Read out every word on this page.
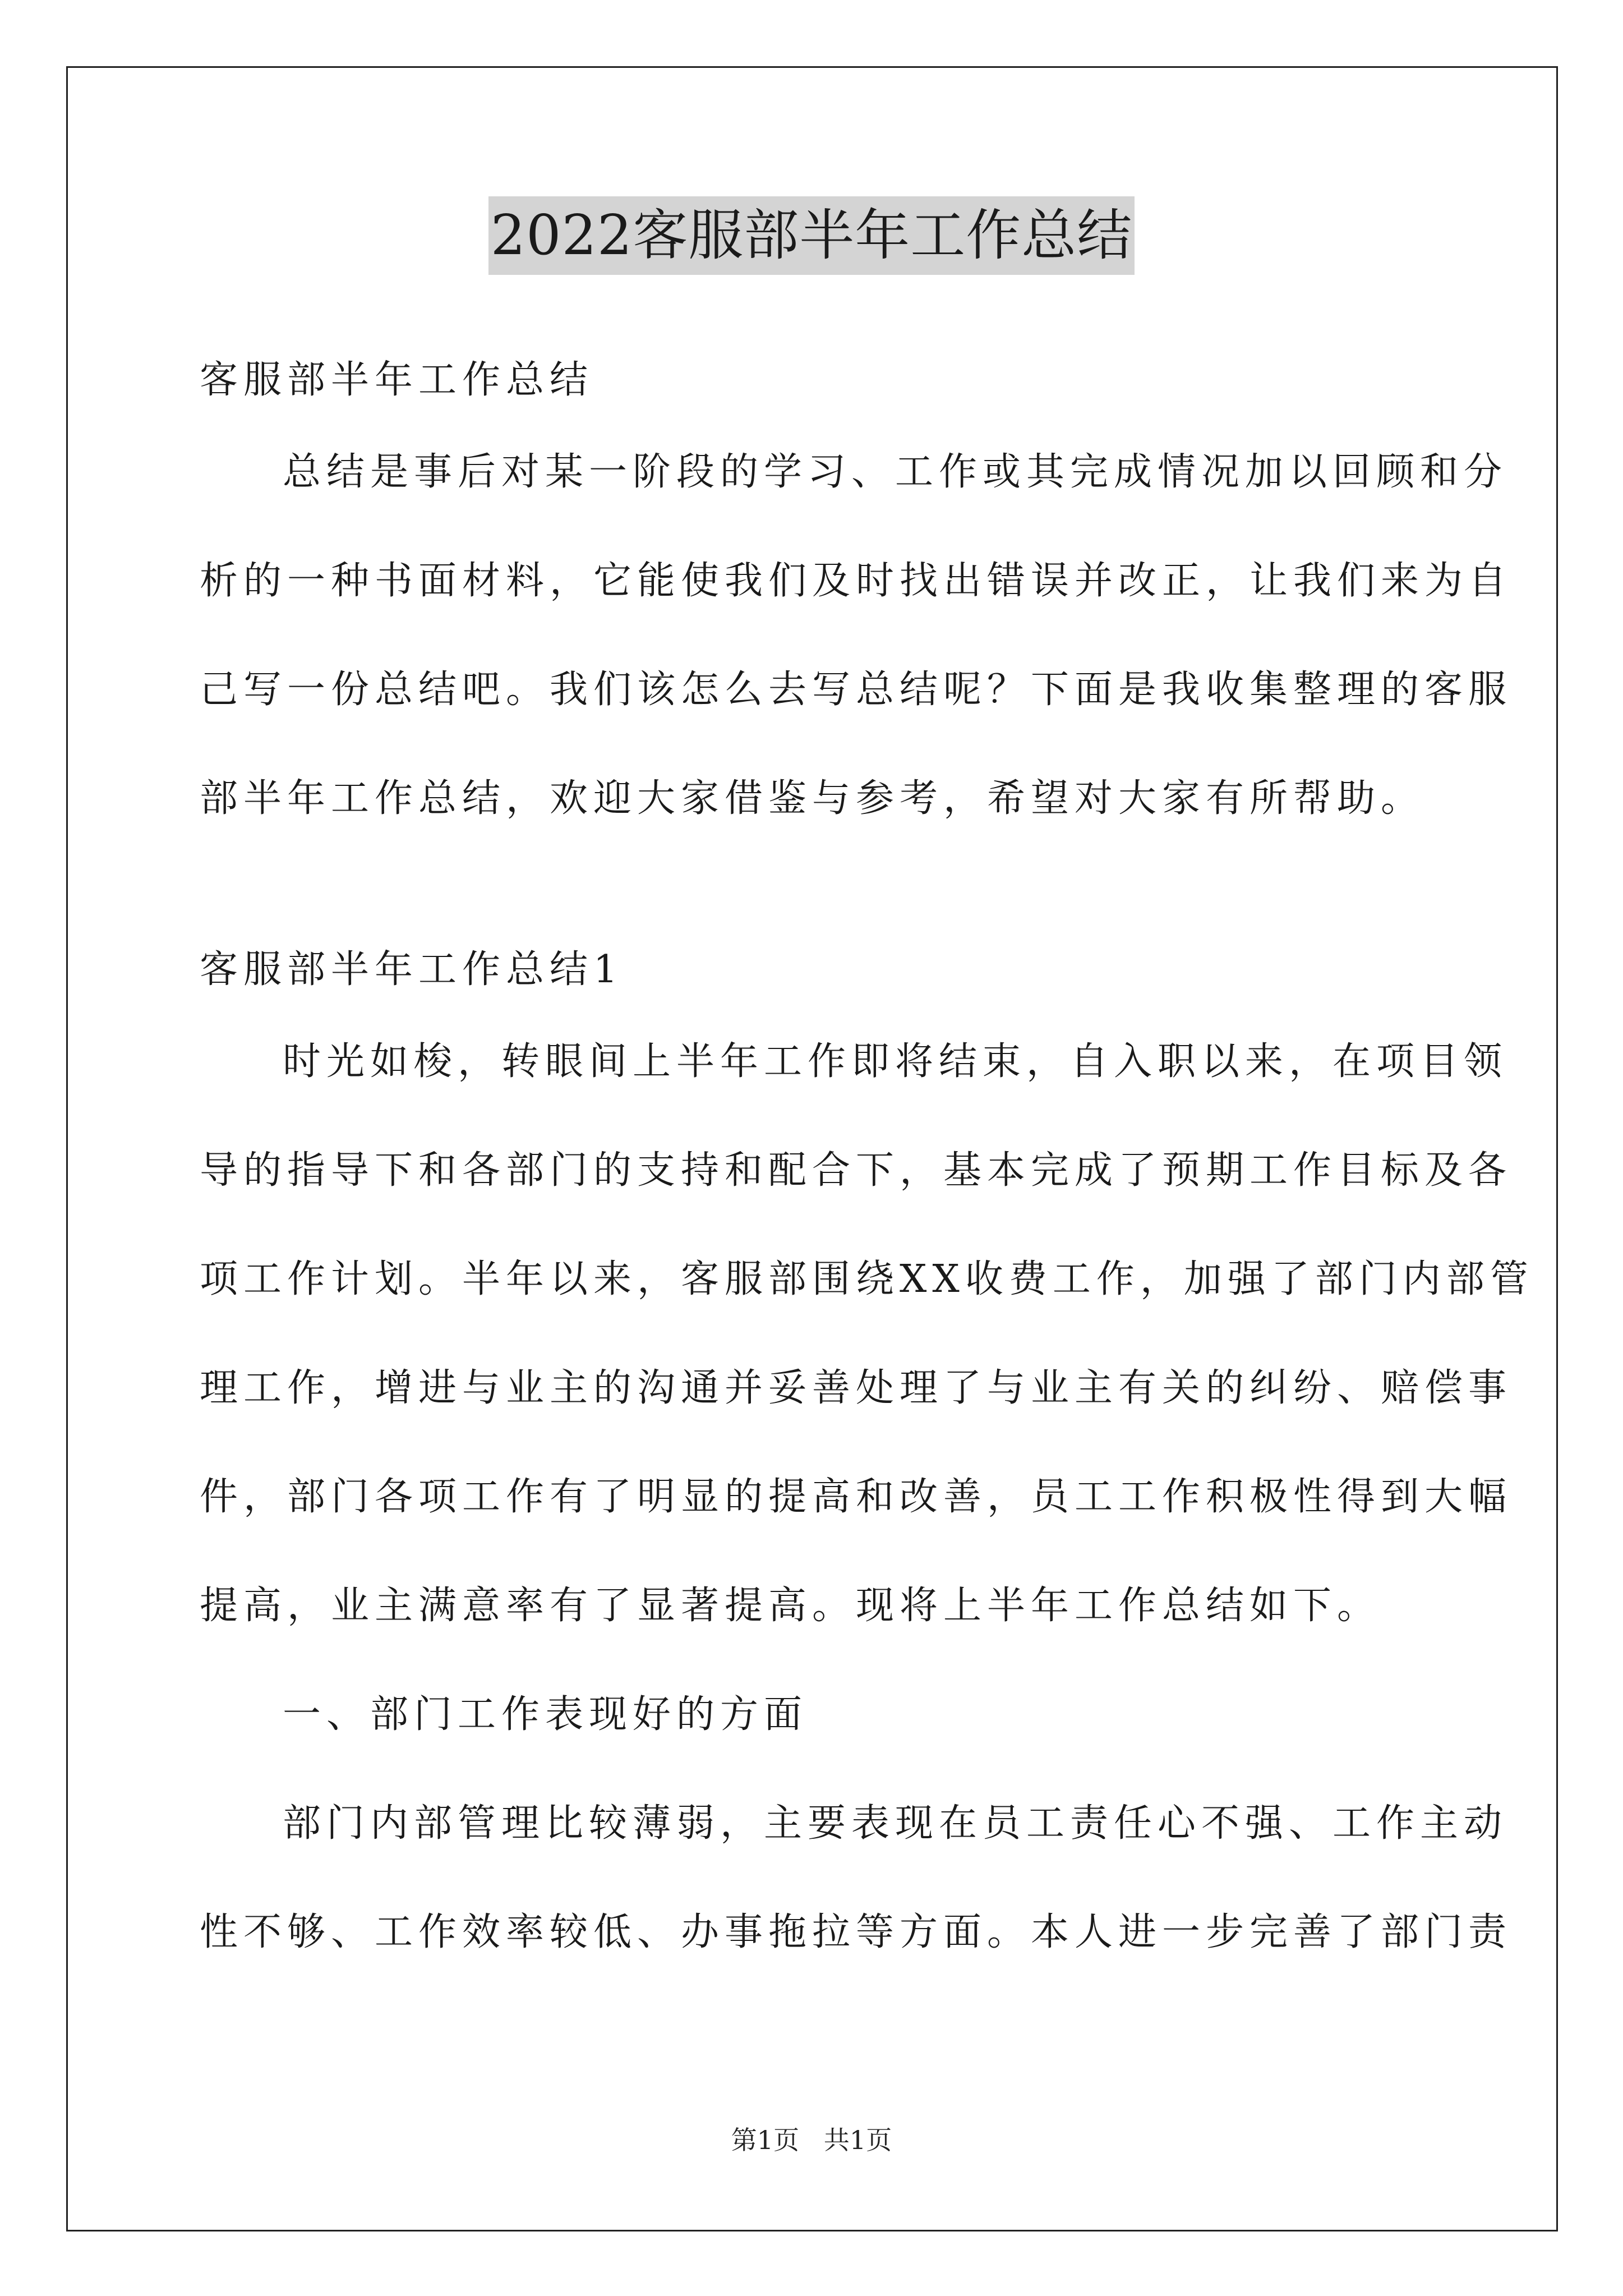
2022客服部半年工作总结
客服部半年工作总结
总结是事后对某一阶段的学习、工作或其完成情况加以回顾和分
析的一种书面材料，它能使我们及时找出错误并改正，让我们来为自
己写一份总结吧。我们该怎么去写总结呢？下面是我收集整理的客服
部半年工作总结，欢迎大家借鉴与参考，希望对大家有所帮助。
客服部半年工作总结1
时光如梭，转眼间上半年工作即将结束，自入职以来，在项目领
导的指导下和各部门的支持和配合下，基本完成了预期工作目标及各
项工作计划。半年以来，客服部围绕XX收费工作，加强了部门内部管
理工作，增进与业主的沟通并妥善处理了与业主有关的纠纷、赔偿事
件，部门各项工作有了明显的提高和改善，员工工作积极性得到大幅
提高，业主满意率有了显著提高。现将上半年工作总结如下。
一、部门工作表现好的方面
部门内部管理比较薄弱，主要表现在员工责任心不强、工作主动
性不够、工作效率较低、办事拖拉等方面。本人进一步完善了部门责
第1页   共1页
